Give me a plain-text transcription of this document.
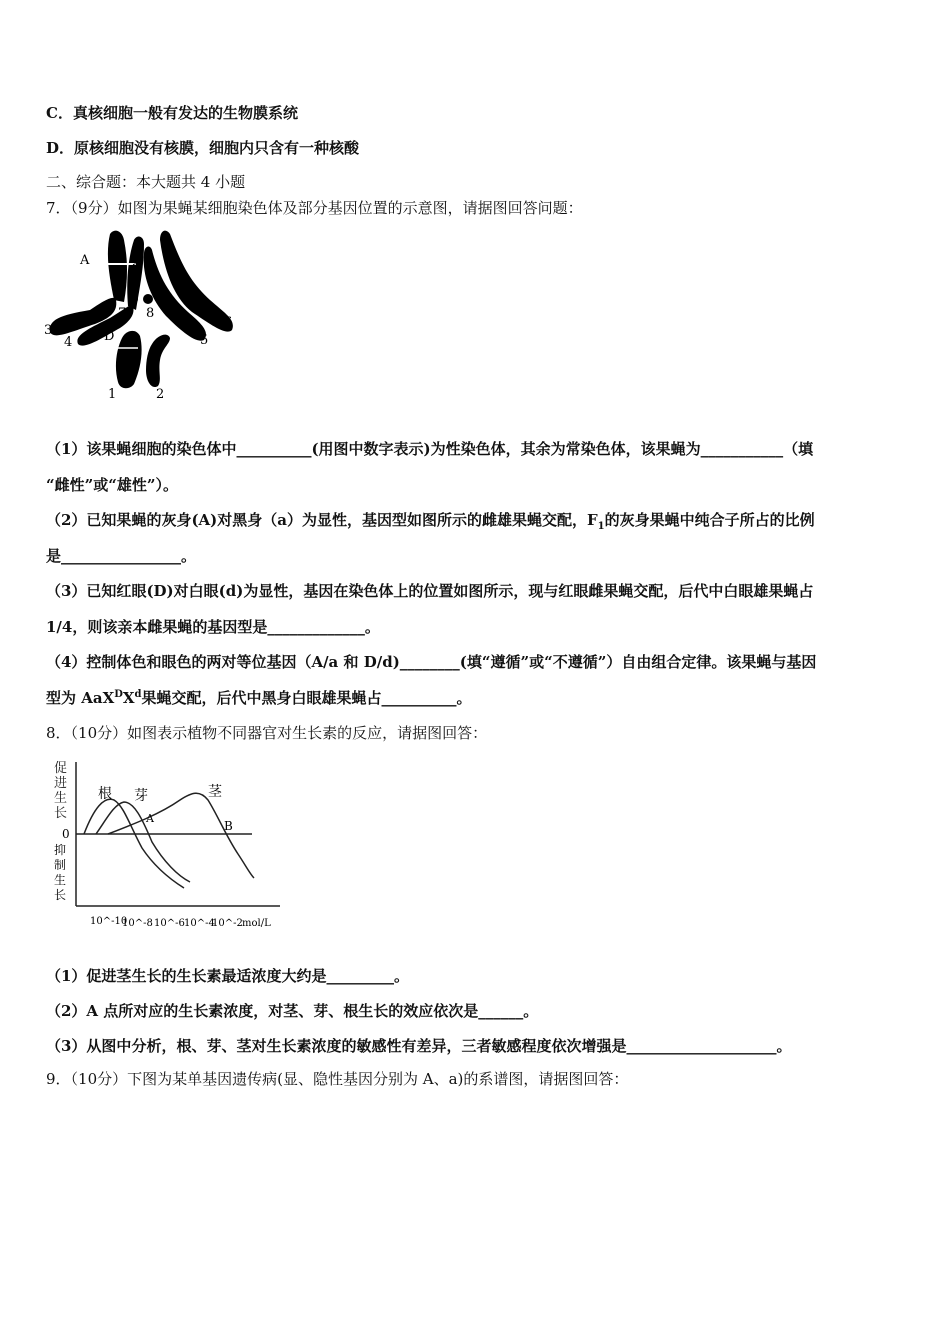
C．真核细胞一般有发达的生物膜系统
D．原核细胞没有核膜，细胞内只含有一种核酸
二、综合题：本大题共 4 小题
7．（9分）如图为果蝇某细胞染色体及部分基因位置的示意图，请据图回答问题：
A	a
7 8
3
4 D	5
6
1	2
（1）该果蝇细胞的染色体中__________(用图中数字表示)为性染色体，其余为常染色体，该果蝇为___________（填
“雌性”或“雄性”）。
（2）已知果蝇的灰身(A)对黑身（a）为显性，基因型如图所示的雌雄果蝇交配，$F_1$的灰身果蝇中纯合子所占的比例
是________________。
（3）已知红眼(D)对白眼(d)为显性，基因在染色体上的位置如图所示，现与红眼雌果蝇交配，后代中白眼雄果蝇占
1/4，则该亲本雌果蝇的基因型是_____________。
（4）控制体色和眼色的两对等位基因（A/a 和 D/d)________(填“遵循”或“不遵循”）自由组合定律。该果蝇与基因
型为 $AaX^DX^d$果蝇交配，后代中黑身白眼雄果蝇占__________。
8．（10分）如图表示植物不同器官对生长素的反应，请据图回答：
促进生长
0
根 芽	茎
A
B
10^-10
10^-8 10^-6 10^-4
10^-2 mol/L
抑制生长
（1）促进茎生长的生长素最适浓度大约是_________。
（2）A 点所对应的生长素浓度，对茎、芽、根生长的效应依次是______。
（3）从图中分析，根、芽、茎对生长素浓度的敏感性有差异，三者敏感程度依次增强是____________________。
9．（10分）下图为某单基因遗传病(显、隐性基因分别为 A、a)的系谱图，请据图回答：
